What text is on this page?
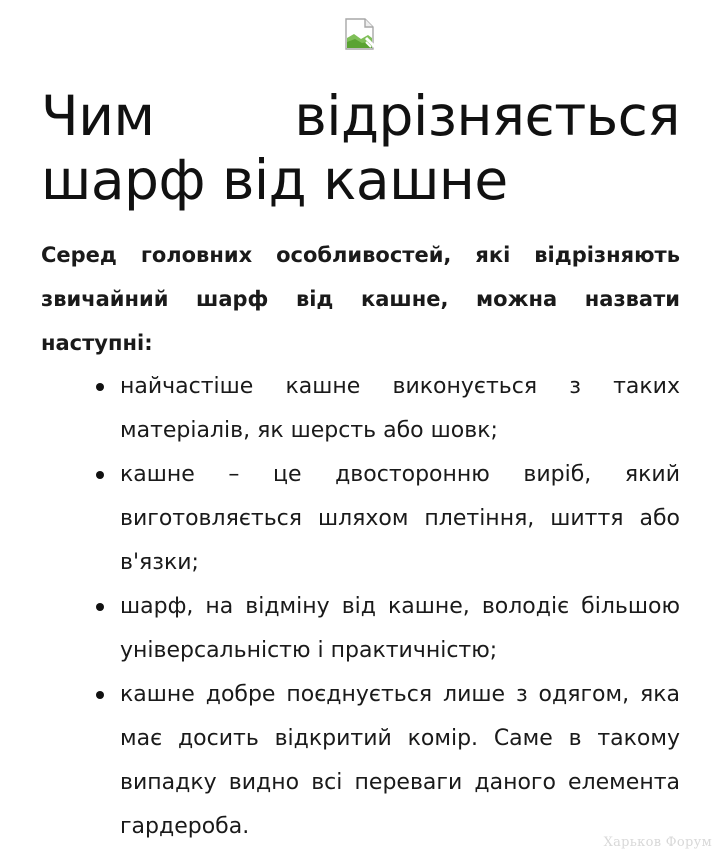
Чим відрізняється шарф від кашне

Серед головних особливостей, які відрізняють звичайний шарф від кашне, можна назвати наступні:

найчастіше кашне виконується з таких матеріалів, як шерсть або шовк;
кашне – це двосторонню виріб, який виготовляється шляхом плетіння, шиття або в'язки;
шарф, на відміну від кашне, володіє більшою універсальністю і практичністю;
кашне добре поєднується лише з одягом, яка має досить відкритий комір. Саме в такому випадку видно всі переваги даного елемента гардероба.
Харьков Форум
